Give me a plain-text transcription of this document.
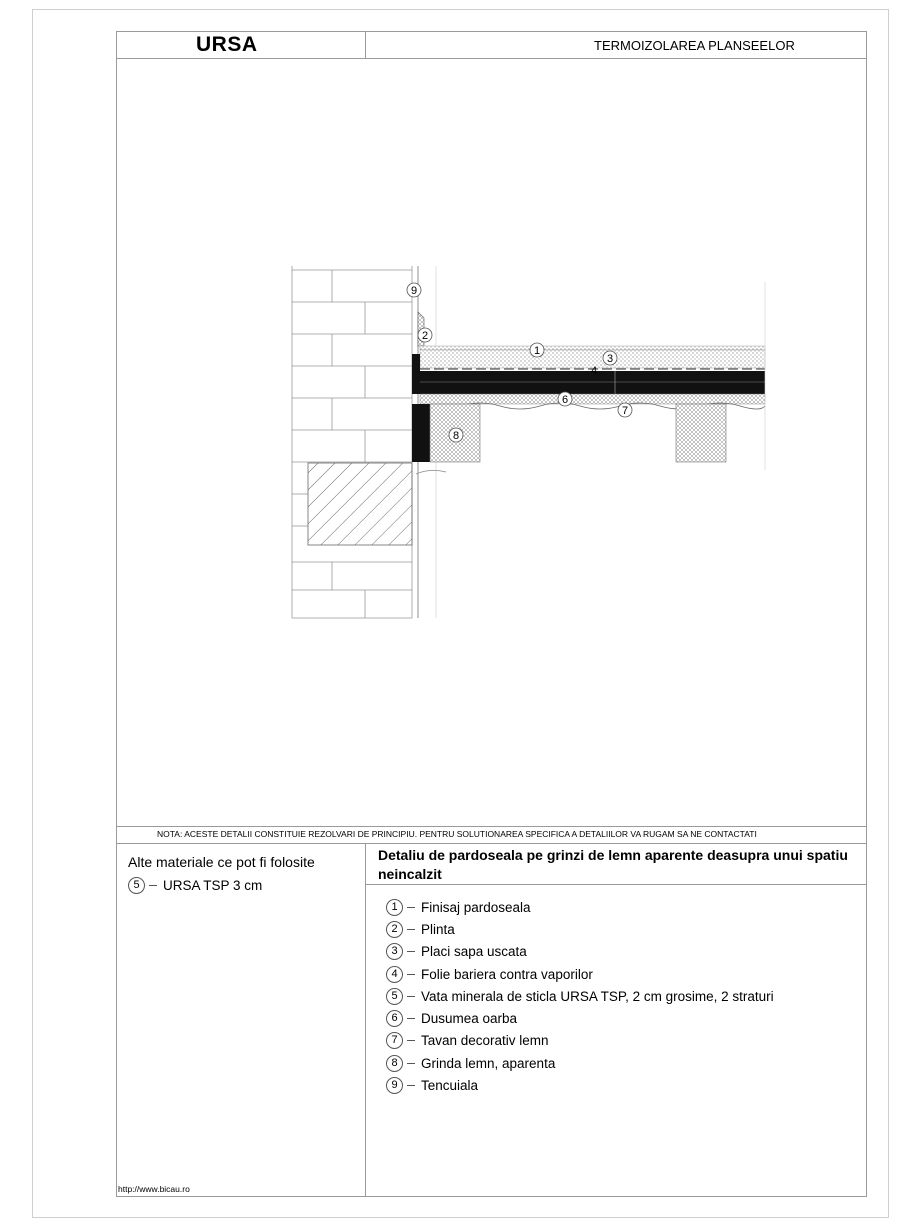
URSA	TERMOIZOLAREA PLANSEELOR
9
2
1
3
4
6
7
8
NOTA: ACESTE DETALII CONSTITUIE REZOLVARI DE PRINCIPIU. PENTRU SOLUTIONAREA SPECIFICA A DETALIILOR VA RUGAM SA NE CONTACTATI
Alte materiale ce pot fi folosite
5	URSA TSP 3 cm
Detaliu de pardoseala pe grinzi de lemn aparente deasupra unui spatiu neincalzit
1	Finisaj pardoseala
2	Plinta
3	Placi sapa uscata
4	Folie bariera contra vaporilor
5	Vata minerala de sticla URSA TSP, 2 cm grosime, 2 straturi
6	Dusumea oarba
7	Tavan decorativ lemn
8	Grinda lemn, aparenta
9	Tencuiala
http://www.bicau.ro
